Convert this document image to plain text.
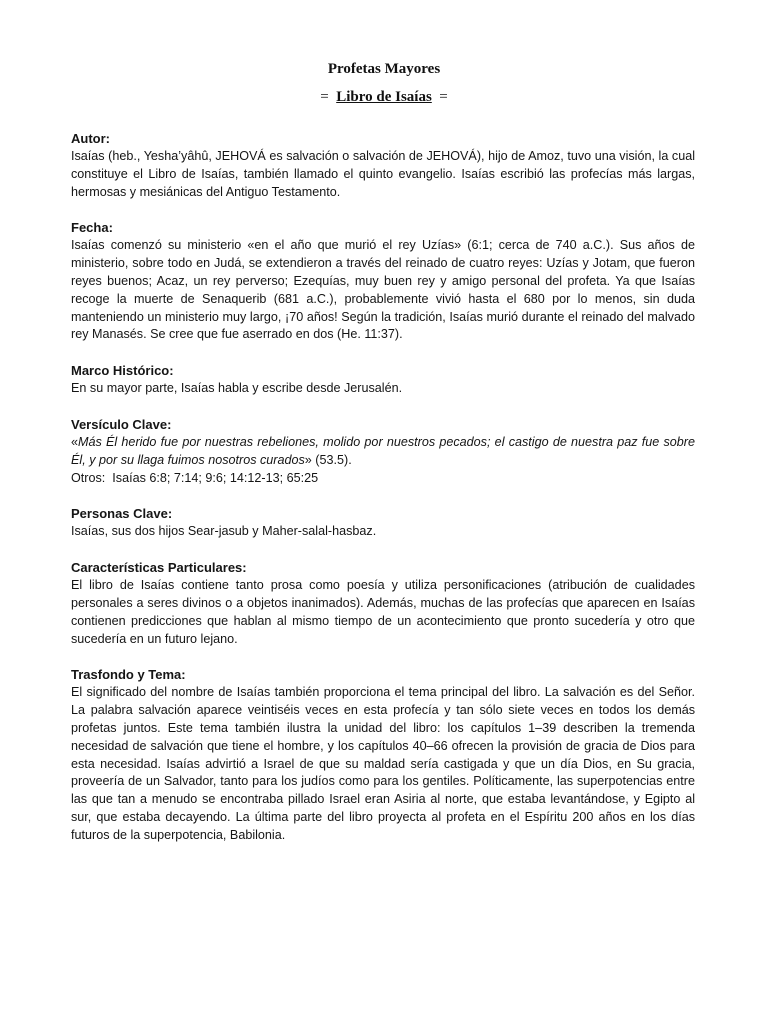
Profetas Mayores
= Libro de Isaías =

Autor:

Isaías (heb., Yesha’yâhû, JEHOVÁ es salvación o salvación de JEHOVÁ), hijo de Amoz, tuvo una visión, la cual constituye el Libro de Isaías, también llamado el quinto evangelio. Isaías escribió las profecías más largas, hermosas y mesiánicas del Antiguo Testamento.

Fecha:

Isaías comenzó su ministerio «en el año que murió el rey Uzías» (6:1; cerca de 740 a.C.). Sus años de ministerio, sobre todo en Judá, se extendieron a través del reinado de cuatro reyes: Uzías y Jotam, que fueron reyes buenos; Acaz, un rey perverso; Ezequías, muy buen rey y amigo personal del profeta. Ya que Isaías recoge la muerte de Senaquerib (681 a.C.), probablemente vivió hasta el 680 por lo menos, sin duda manteniendo un ministerio muy largo, ¡70 años! Según la tradición, Isaías murió durante el reinado del malvado rey Manasés. Se cree que fue aserrado en dos (He. 11:37).

Marco Histórico:

En su mayor parte, Isaías habla y escribe desde Jerusalén.

Versículo Clave:

«Más Él herido fue por nuestras rebeliones, molido por nuestros pecados; el castigo de nuestra paz fue sobre Él, y por su llaga fuimos nosotros curados» (53.5).

Otros:  Isaías 6:8; 7:14; 9:6; 14:12-13; 65:25

Personas Clave:

Isaías, sus dos hijos Sear-jasub y Maher-salal-hasbaz.

Características Particulares:

El libro de Isaías contiene tanto prosa como poesía y utiliza personificaciones (atribución de cualidades personales a seres divinos o a objetos inanimados). Además, muchas de las profecías que aparecen en Isaías contienen predicciones que hablan al mismo tiempo de un acontecimiento que pronto sucedería y otro que sucedería en un futuro lejano.

Trasfondo y Tema:

El significado del nombre de Isaías también proporciona el tema principal del libro. La salvación es del Señor. La palabra salvación aparece veintiséis veces en esta profecía y tan sólo siete veces en todos los demás profetas juntos. Este tema también ilustra la unidad del libro: los capítulos 1–39 describen la tremenda necesidad de salvación que tiene el hombre, y los capítulos 40–66 ofrecen la provisión de gracia de Dios para esta necesidad. Isaías advirtió a Israel de que su maldad sería castigada y que un día Dios, en Su gracia, proveería de un Salvador, tanto para los judíos como para los gentiles. Políticamente, las superpotencias entre las que tan a menudo se encontraba pillado Israel eran Asiria al norte, que estaba levantándose, y Egipto al sur, que estaba decayendo. La última parte del libro proyecta al profeta en el Espíritu 200 años en los días futuros de la superpotencia, Babilonia.
